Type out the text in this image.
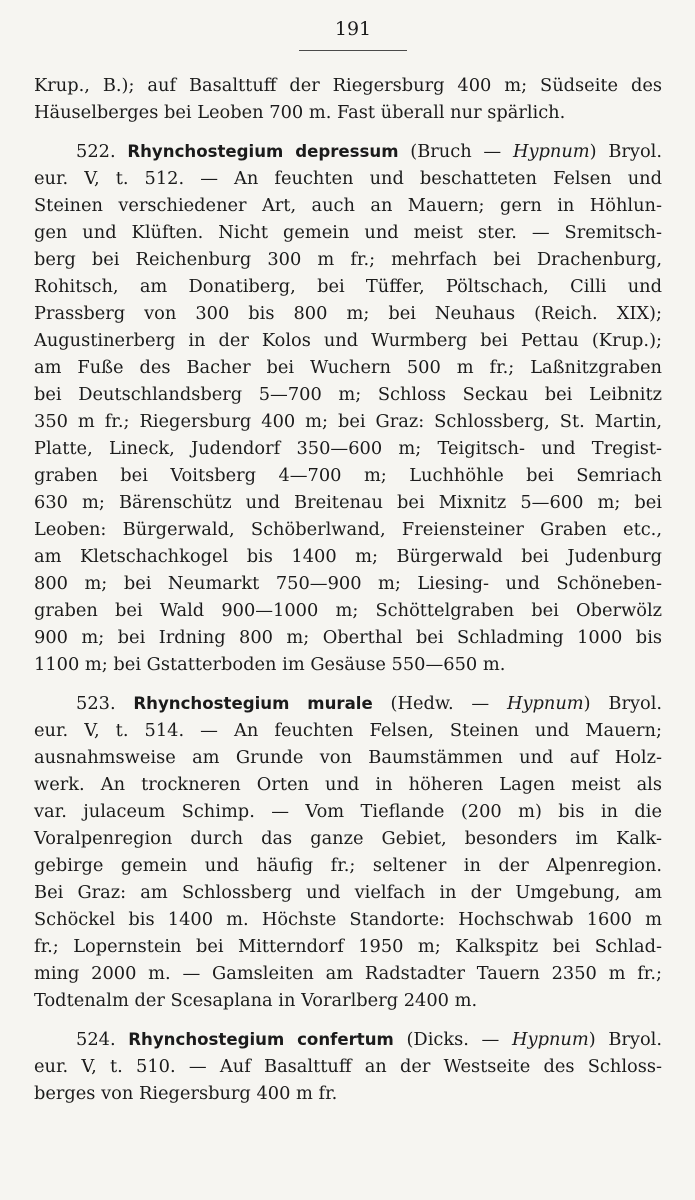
191
Krup., B.); auf Basalttuff der Riegersburg 400 m; Südseite des
Häuselberges bei Leoben 700 m. Fast überall nur spärlich.
522. Rhynchostegium depressum (Bruch — Hypnum) Bryol.
eur. V, t. 512. — An feuchten und beschatteten Felsen und
Steinen verschiedener Art, auch an Mauern; gern in Höhlun-
gen und Klüften. Nicht gemein und meist ster. — Sremitsch-
berg bei Reichenburg 300 m fr.; mehrfach bei Drachenburg,
Rohitsch, am Donatiberg, bei Tüffer, Pöltschach, Cilli und
Prassberg von 300 bis 800 m; bei Neuhaus (Reich. XIX);
Augustinerberg in der Kolos und Wurmberg bei Pettau (Krup.);
am Fuße des Bacher bei Wuchern 500 m fr.; Laßnitzgraben
bei Deutschlandsberg 5—700 m; Schloss Seckau bei Leibnitz
350 m fr.; Riegersburg 400 m; bei Graz: Schlossberg, St. Martin,
Platte, Lineck, Judendorf 350—600 m; Teigitsch- und Tregist-
graben bei Voitsberg 4—700 m; Luchhöhle bei Semriach
630 m; Bärenschütz und Breitenau bei Mixnitz 5—600 m; bei
Leoben: Bürgerwald, Schöberlwand, Freiensteiner Graben etc.,
am Kletschachkogel bis 1400 m; Bürgerwald bei Judenburg
800 m; bei Neumarkt 750—900 m; Liesing- und Schöneben-
graben bei Wald 900—1000 m; Schöttelgraben bei Oberwölz
900 m; bei Irdning 800 m; Oberthal bei Schladming 1000 bis
1100 m; bei Gstatterboden im Gesäuse 550—650 m.
523. Rhynchostegium murale (Hedw. — Hypnum) Bryol.
eur. V, t. 514. — An feuchten Felsen, Steinen und Mauern;
ausnahmsweise am Grunde von Baumstämmen und auf Holz-
werk. An trockneren Orten und in höheren Lagen meist als
var. julaceum Schimp. — Vom Tieflande (200 m) bis in die
Voralpenregion durch das ganze Gebiet, besonders im Kalk-
gebirge gemein und häufig fr.; seltener in der Alpenregion.
Bei Graz: am Schlossberg und vielfach in der Umgebung, am
Schöckel bis 1400 m. Höchste Standorte: Hochschwab 1600 m
fr.; Lopernstein bei Mitterndorf 1950 m; Kalkspitz bei Schlad-
ming 2000 m. — Gamsleiten am Radstadter Tauern 2350 m fr.;
Todtenalm der Scesaplana in Vorarlberg 2400 m.
524. Rhynchostegium confertum (Dicks. — Hypnum) Bryol.
eur. V, t. 510. — Auf Basalttuff an der Westseite des Schloss-
berges von Riegersburg 400 m fr.
